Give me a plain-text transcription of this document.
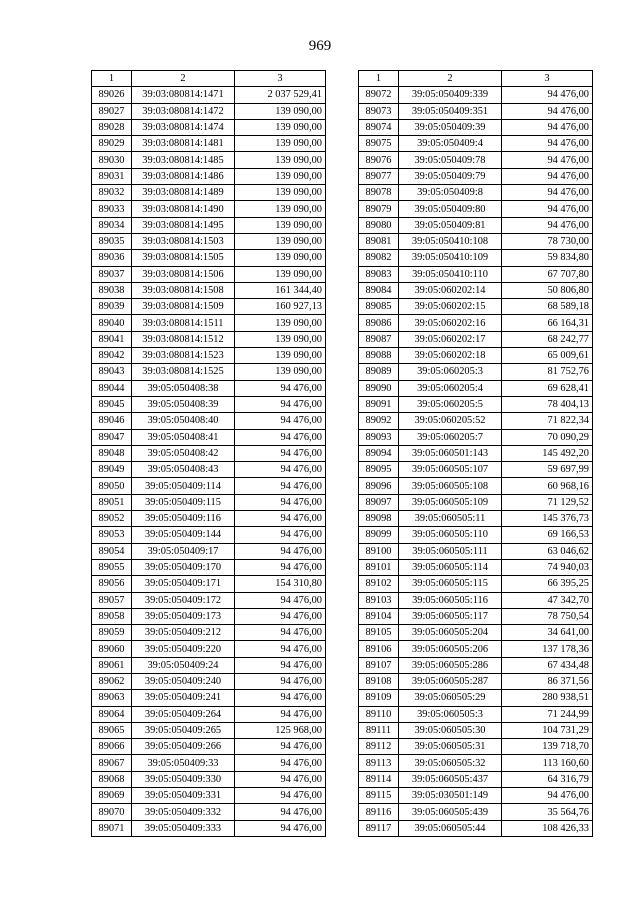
969
1	2	3
89026	39:03:080814:1471	2 037 529,41
89027	39:03:080814:1472	139 090,00
89028	39:03:080814:1474	139 090,00
89029	39:03:080814:1481	139 090,00
89030	39:03:080814:1485	139 090,00
89031	39:03:080814:1486	139 090,00
89032	39:03:080814:1489	139 090,00
89033	39:03:080814:1490	139 090,00
89034	39:03:080814:1495	139 090,00
89035	39:03:080814:1503	139 090,00
89036	39:03:080814:1505	139 090,00
89037	39:03:080814:1506	139 090,00
89038	39:03:080814:1508	161 344,40
89039	39:03:080814:1509	160 927,13
89040	39:03:080814:1511	139 090,00
89041	39:03:080814:1512	139 090,00
89042	39:03:080814:1523	139 090,00
89043	39:03:080814:1525	139 090,00
89044	39:05:050408:38	94 476,00
89045	39:05:050408:39	94 476,00
89046	39:05:050408:40	94 476,00
89047	39:05:050408:41	94 476,00
89048	39:05:050408:42	94 476,00
89049	39:05:050408:43	94 476,00
89050	39:05:050409:114	94 476,00
89051	39:05:050409:115	94 476,00
89052	39:05:050409:116	94 476,00
89053	39:05:050409:144	94 476,00
89054	39:05:050409:17	94 476,00
89055	39:05:050409:170	94 476,00
89056	39:05:050409:171	154 310,80
89057	39:05:050409:172	94 476,00
89058	39:05:050409:173	94 476,00
89059	39:05:050409:212	94 476,00
89060	39:05:050409:220	94 476,00
89061	39:05:050409:24	94 476,00
89062	39:05:050409:240	94 476,00
89063	39:05:050409:241	94 476,00
89064	39:05:050409:264	94 476,00
89065	39:05:050409:265	125 968,00
89066	39:05:050409:266	94 476,00
89067	39:05:050409:33	94 476,00
89068	39:05:050409:330	94 476,00
89069	39:05:050409:331	94 476,00
89070	39:05:050409:332	94 476,00
89071	39:05:050409:333	94 476,00
1	2	3
89072	39:05:050409:339	94 476,00
89073	39:05:050409:351	94 476,00
89074	39:05:050409:39	94 476,00
89075	39:05:050409:4	94 476,00
89076	39:05:050409:78	94 476,00
89077	39:05:050409:79	94 476,00
89078	39:05:050409:8	94 476,00
89079	39:05:050409:80	94 476,00
89080	39:05:050409:81	94 476,00
89081	39:05:050410:108	78 730,00
89082	39:05:050410:109	59 834,80
89083	39:05:050410:110	67 707,80
89084	39:05:060202:14	50 806,80
89085	39:05:060202:15	68 589,18
89086	39:05:060202:16	66 164,31
89087	39:05:060202:17	68 242,77
89088	39:05:060202:18	65 009,61
89089	39:05:060205:3	81 752,76
89090	39:05:060205:4	69 628,41
89091	39:05:060205:5	78 404,13
89092	39:05:060205:52	71 822,34
89093	39:05:060205:7	70 090,29
89094	39:05:060501:143	145 492,20
89095	39:05:060505:107	59 697,99
89096	39:05:060505:108	60 968,16
89097	39:05:060505:109	71 129,52
89098	39:05:060505:11	145 376,73
89099	39:05:060505:110	69 166,53
89100	39:05:060505:111	63 046,62
89101	39:05:060505:114	74 940,03
89102	39:05:060505:115	66 395,25
89103	39:05:060505:116	47 342,70
89104	39:05:060505:117	78 750,54
89105	39:05:060505:204	34 641,00
89106	39:05:060505:206	137 178,36
89107	39:05:060505:286	67 434,48
89108	39:05:060505:287	86 371,56
89109	39:05:060505:29	280 938,51
89110	39:05:060505:3	71 244,99
89111	39:05:060505:30	104 731,29
89112	39:05:060505:31	139 718,70
89113	39:05:060505:32	113 160,60
89114	39:05:060505:437	64 316,79
89115	39:05:030501:149	94 476,00
89116	39:05:060505:439	35 564,76
89117	39:05:060505:44	108 426,33
